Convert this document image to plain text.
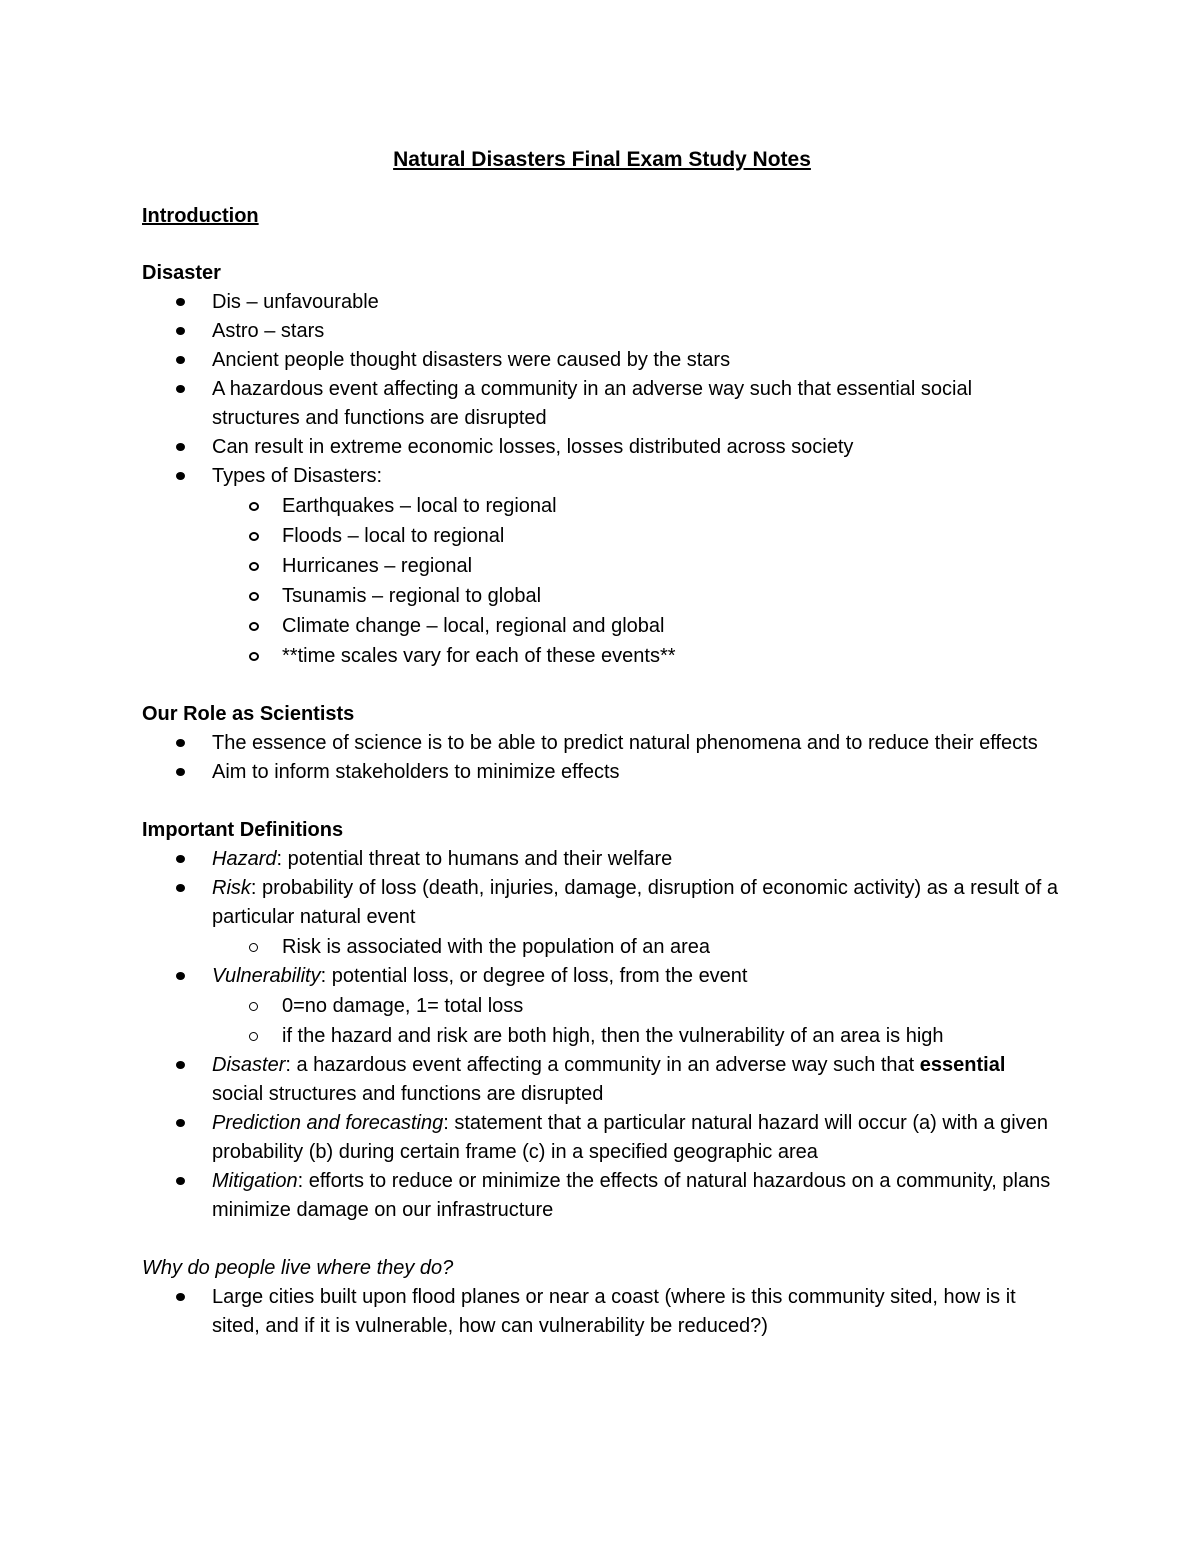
Natural Disasters Final Exam Study Notes
Introduction
Disaster
Dis – unfavourable
Astro – stars
Ancient people thought disasters were caused by the stars
A hazardous event affecting a community in an adverse way such that essential social structures and functions are disrupted
Can result in extreme economic losses, losses distributed across society
Types of Disasters:
Earthquakes – local to regional
Floods – local to regional
Hurricanes – regional
Tsunamis – regional to global
Climate change – local, regional and global
**time scales vary for each of these events**
Our Role as Scientists
The essence of science is to be able to predict natural phenomena and to reduce their effects
Aim to inform stakeholders to minimize effects
Important Definitions
Hazard: potential threat to humans and their welfare
Risk: probability of loss (death, injuries, damage, disruption of economic activity) as a result of a particular natural event
Risk is associated with the population of an area
Vulnerability: potential loss, or degree of loss, from the event
0=no damage, 1= total loss
if the hazard and risk are both high, then the vulnerability of an area is high
Disaster: a hazardous event affecting a community in an adverse way such that essential social structures and functions are disrupted
Prediction and forecasting: statement that a particular natural hazard will occur (a) with a given probability (b) during certain frame (c) in a specified geographic area
Mitigation: efforts to reduce or minimize the effects of natural hazardous on a community, plans minimize damage on our infrastructure
Why do people live where they do?
Large cities built upon flood planes or near a coast (where is this community sited, how is it sited, and if it is vulnerable, how can vulnerability be reduced?)
